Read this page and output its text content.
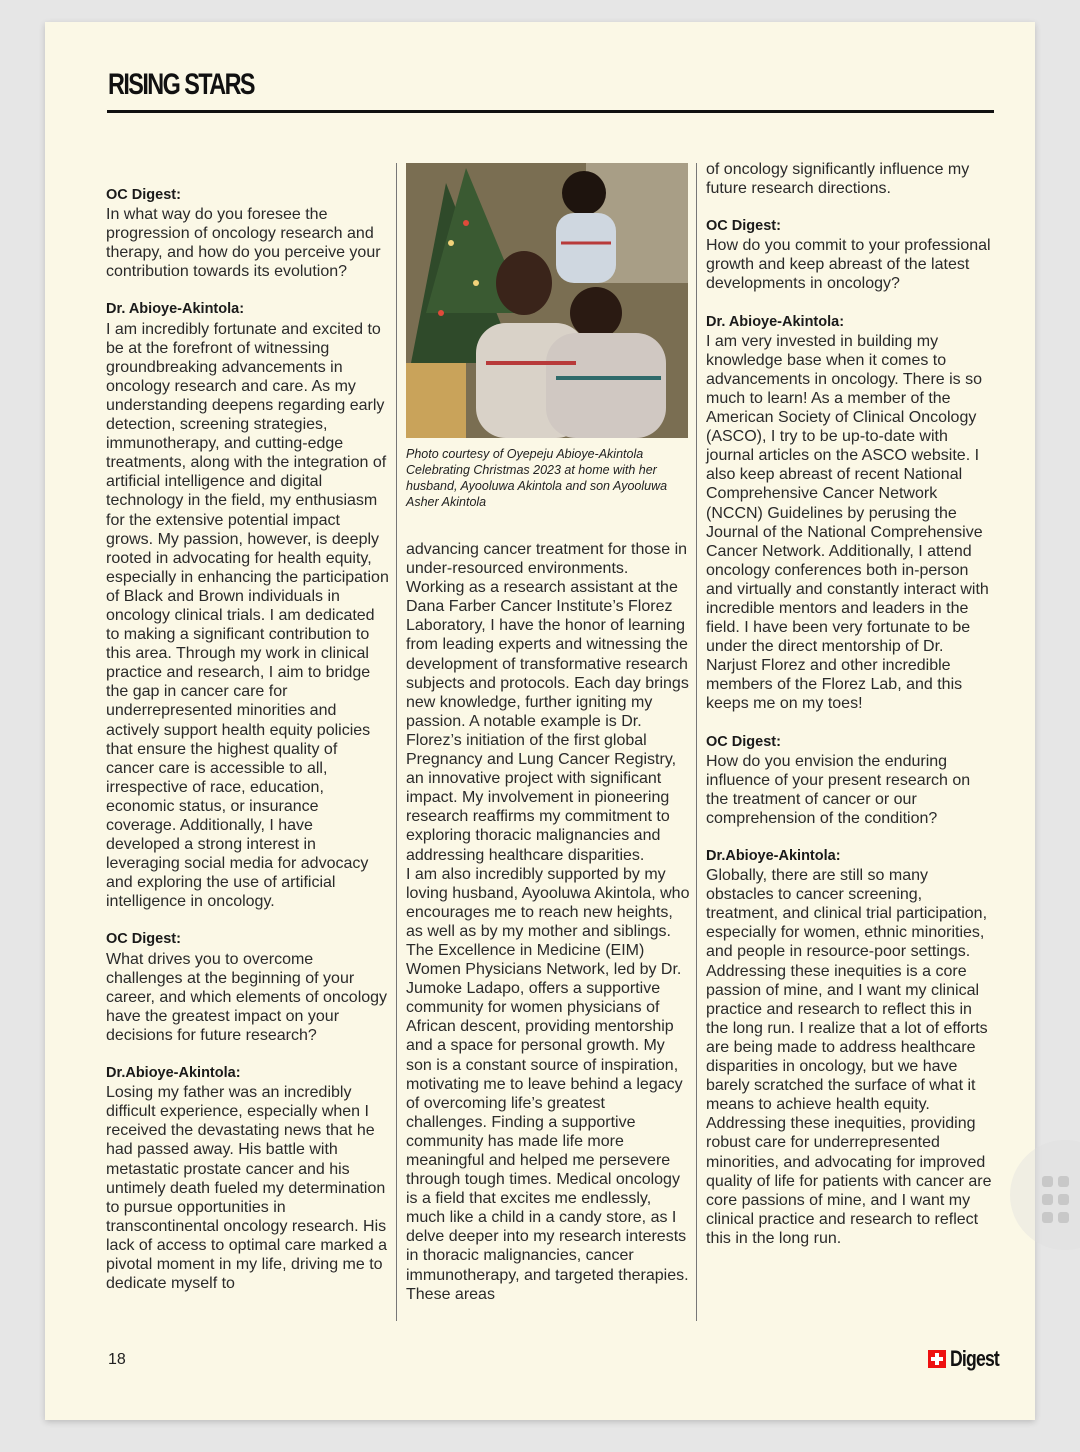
RISING STARS

OC Digest:

In what way do you foresee the progression of oncology research and therapy, and how do you perceive your contribution towards its evolution?

Dr. Abioye-Akintola:

I am incredibly fortunate and excited to be at the forefront of witnessing groundbreaking advancements in oncology research and care. As my understanding deepens regarding early detection, screening strategies, immunotherapy, and cutting-edge treatments, along with the integration of artificial intelligence and digital technology in the field, my enthusiasm for the extensive potential impact grows. My passion, however, is deeply rooted in advocating for health equity, especially in enhancing the participation of Black and Brown individuals in oncology clinical trials. I am dedicated to making a significant contribution to this area. Through my work in clinical practice and research, I aim to bridge the gap in cancer care for underrepresented minorities and actively support health equity policies that ensure the highest quality of cancer care is accessible to all, irrespective of race, education, economic status, or insurance coverage. Additionally, I have developed a strong interest in leveraging social media for advocacy and exploring the use of artificial intelligence in oncology.

OC Digest:

What drives you to overcome challenges at the beginning of your career, and which elements of oncology have the greatest impact on your decisions for future research?

Dr.Abioye-Akintola:

Losing my father was an incredibly difficult experience, especially when I received the devastating news that he had passed away. His battle with metastatic prostate cancer and his untimely death fueled my determination to pursue opportunities in transcontinental oncology research. His lack of access to optimal care marked a pivotal moment in my life, driving me to dedicate myself to

Photo courtesy of Oyepeju Abioye-Akintola Celebrating Christmas 2023 at home with her husband, Ayooluwa Akintola and son Ayooluwa Asher Akintola

advancing cancer treatment for those in under-resourced environments. Working as a research assistant at the Dana Farber Cancer Institute’s Florez Laboratory, I have the honor of learning from leading experts and witnessing the development of transformative research subjects and protocols. Each day brings new knowledge, further igniting my passion. A notable example is Dr. Florez’s initiation of the first global Pregnancy and Lung Cancer Registry, an innovative project with significant impact. My involvement in pioneering research reaffirms my commitment to exploring thoracic malignancies and addressing healthcare disparities.

I am also incredibly supported by my loving husband, Ayooluwa Akintola, who encourages me to reach new heights, as well as by my mother and siblings. The Excellence in Medicine (EIM) Women Physicians Network, led by Dr. Jumoke Ladapo, offers a supportive community for women physicians of African descent, providing mentorship and a space for personal growth. My son is a constant source of inspiration, motivating me to leave behind a legacy of overcoming life’s greatest challenges. Finding a supportive community has made life more meaningful and helped me persevere through tough times. Medical oncology is a field that excites me endlessly, much like a child in a candy store, as I delve deeper into my research interests in thoracic malignancies, cancer immunotherapy, and targeted therapies. These areas

of oncology significantly influence my future research directions.

OC Digest:

How do you commit to your professional growth and keep abreast of the latest developments in oncology?

Dr. Abioye-Akintola:

I am very invested in building my knowledge base when it comes to advancements in oncology. There is so much to learn! As a member of the American Society of Clinical Oncology (ASCO), I try to be up-to-date with journal articles on the ASCO website. I also keep abreast of recent National Comprehensive Cancer Network (NCCN) Guidelines by perusing the Journal of the National Comprehensive Cancer Network. Additionally, I attend oncology conferences both in-person and virtually and constantly interact with incredible mentors and leaders in the field. I have been very fortunate to be under the direct mentorship of Dr. Narjust Florez and other incredible members of the Florez Lab, and this keeps me on my toes!

OC Digest:

How do you envision the enduring influence of your present research on the treatment of cancer or our comprehension of the condition?

Dr.Abioye-Akintola:

Globally, there are still so many obstacles to cancer screening, treatment, and clinical trial participation, especially for women, ethnic minorities, and people in resource-poor settings. Addressing these inequities is a core passion of mine, and I want my clinical practice and research to reflect this in the long run. I realize that a lot of efforts are being made to address healthcare disparities in oncology, but we have barely scratched the surface of what it means to achieve health equity. Addressing these inequities, providing robust care for underrepresented minorities, and advocating for improved quality of life for patients with cancer are core passions of mine, and I want my clinical practice and research to reflect this in the long run.

18	Digest
